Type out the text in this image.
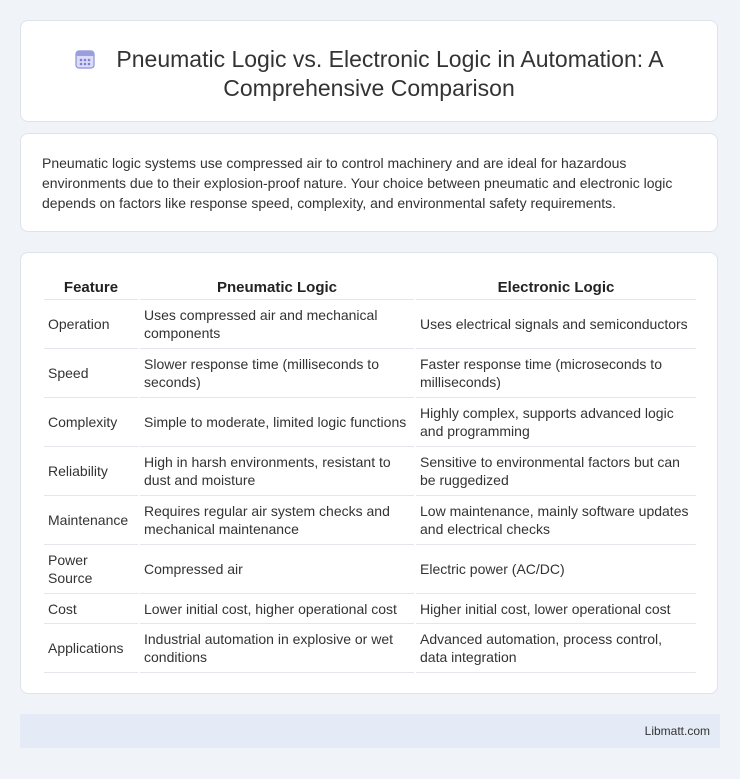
Pneumatic Logic vs. Electronic Logic in Automation: A Comprehensive Comparison

Pneumatic logic systems use compressed air to control machinery and are ideal for hazardous environments due to their explosion-proof nature. Your choice between pneumatic and electronic logic depends on factors like response speed, complexity, and environmental safety requirements.

Feature	Pneumatic Logic	Electronic Logic
Operation	Uses compressed air and mechanical components	Uses electrical signals and semiconductors
Speed	Slower response time (milliseconds to seconds)	Faster response time (microseconds to milliseconds)
Complexity	Simple to moderate, limited logic functions	Highly complex, supports advanced logic and programming
Reliability	High in harsh environments, resistant to dust and moisture	Sensitive to environmental factors but can be ruggedized
Maintenance	Requires regular air system checks and mechanical maintenance	Low maintenance, mainly software updates and electrical checks
Power Source	Compressed air	Electric power (AC/DC)
Cost	Lower initial cost, higher operational cost	Higher initial cost, lower operational cost
Applications	Industrial automation in explosive or wet conditions	Advanced automation, process control, data integration
Libmatt.com
